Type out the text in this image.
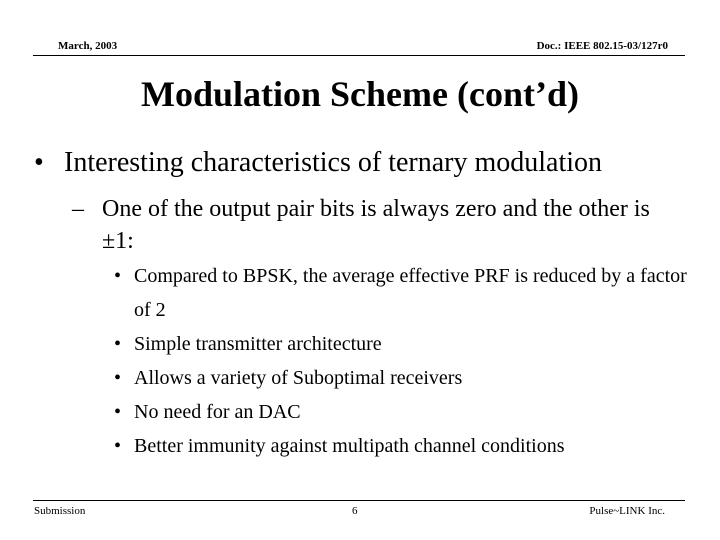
March, 2003	Doc.: IEEE 802.15-03/127r0
Modulation Scheme (cont’d)
• Interesting characteristics of ternary modulation
– One of the output pair bits is always zero and the other is ±1:
• Compared to BPSK, the average effective PRF is reduced by a factor of 2
• Simple transmitter architecture
• Allows a variety of Suboptimal receivers
• No need for an DAC
• Better immunity against multipath channel conditions
Submission	6	Pulse~LINK Inc.
